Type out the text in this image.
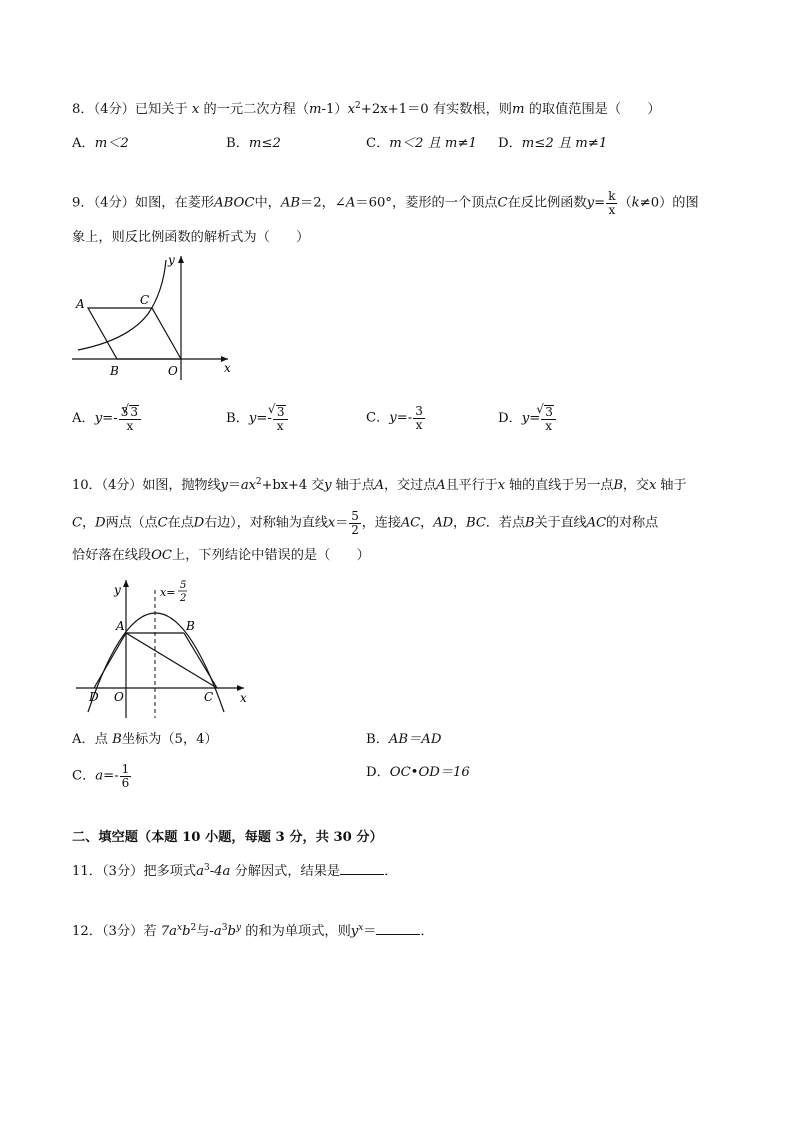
8．（4分）已知关于 x 的一元二次方程$(m-1)x^2+2x+1=0$ 有实数根，则m 的取值范围是（　　）
A．m＜2	B．m≤2	C．m＜2 且 m≠1 D．m≤2 且 m≠1
9．（4分）如图，在菱形ABOC中，AB＝2，∠A＝60°，菱形的一个顶点C在反比例函数$y= \frac{k}{x} (k\ne 0)$的图
象上，则反比例函数的解析式为（　　）
y
x
A	C
B	O
A．$y=- \frac{3 √ 3}{x}$	B．y=- √ $\frac{3}{x}$	C．$y=- \frac{3}{x}$	D．y= √ $\frac{3}{x}$
10．（4分）如图，抛物线$y=ax^2+bx+4$ 交y 轴于点A，交过点A且平行于x 轴的直线于另一点B，交x 轴于
C，D两点（点C在点D右边），对称轴为直线$x= \frac{5}{2}$ ，连接AC，AD，BC．若点B关于直线AC的对称点
恰好落在线段OC上，下列结论中错误的是（　　）
y
x
A	B
D O	C
x=
5
2
A．点 B坐标为（5，4）	B．AB＝AD
C．$a=- \frac{1}{6}$	D．OC•OD＝16
二、填空题（本题 10 小题，每题 3 分，共 30 分）
11．（3分）把多项式$a^3-4a$ 分解因式，结果是	．
12．（3分）若 $7a^xb^2$与$-a^3b^y$ 的和为单项式，则$y^x=$	．
